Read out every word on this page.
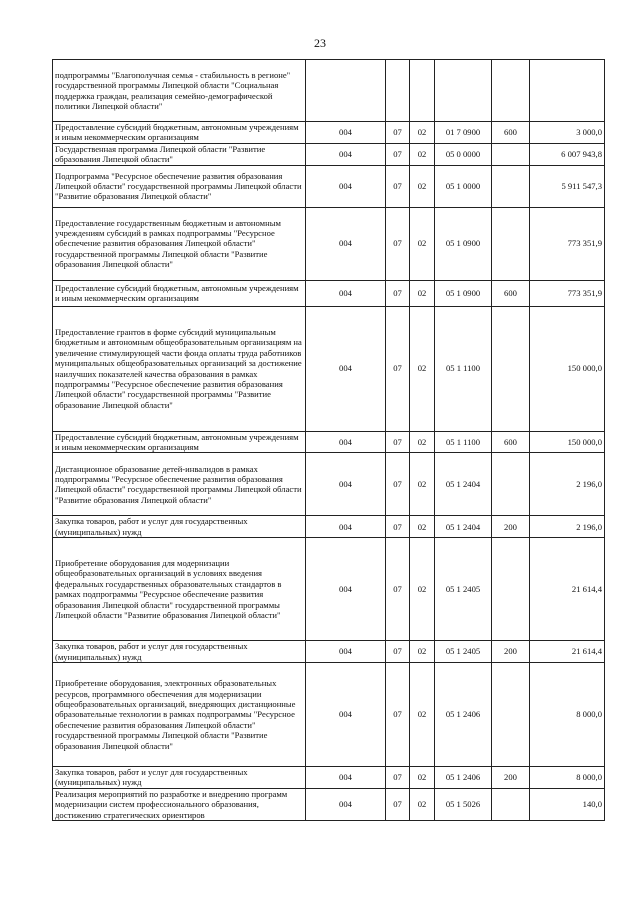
23
подпрограммы "Благополучная семья - стабильность в регионе" государственной программы Липецкой области "Социальная поддержка граждан, реализация семейно-демографической политики Липецкой области"						
Предоставление субсидий бюджетным, автономным учреждениям и иным некоммерческим организациям	004	07	02	01 7 0900	600	3 000,0
Государственная программа Липецкой области "Развитие образования Липецкой области"	004	07	02	05 0 0000		6 007 943,8
Подпрограмма "Ресурсное обеспечение развития образования Липецкой области" государственной программы Липецкой области "Развитие образования Липецкой области"	004	07	02	05 1 0000		5 911 547,3
Предоставление государственным бюджетным и автономным учреждениям субсидий в рамках подпрограммы "Ресурсное обеспечение развития образования Липецкой области" государственной программы Липецкой области "Развитие образования Липецкой области"	004	07	02	05 1 0900		773 351,9
Предоставление субсидий бюджетным, автономным учреждениям и иным некоммерческим организациям	004	07	02	05 1 0900	600	773 351,9
Предоставление грантов в форме субсидий муниципальным бюджетным и автономным общеобразовательным организациям на увеличение стимулирующей части фонда оплаты труда работников муниципальных общеобразовательных организаций за достижение наилучших показателей качества образования в рамках подпрограммы "Ресурсное обеспечение развития образования Липецкой области" государственной программы "Развитие образование Липецкой области"	004	07	02	05 1 1100		150 000,0
Предоставление субсидий бюджетным, автономным учреждениям и иным некоммерческим организациям	004	07	02	05 1 1100	600	150 000,0
Дистанционное образование детей-инвалидов в рамках подпрограммы "Ресурсное обеспечение развития образования Липецкой области" государственной программы Липецкой области "Развитие образования Липецкой области"	004	07	02	05 1 2404		2 196,0
Закупка товаров, работ и услуг для государственных (муниципальных) нужд	004	07	02	05 1 2404	200	2 196,0
Приобретение оборудования для модернизации общеобразовательных организаций в условиях введения федеральных государственных образовательных стандартов в рамках подпрограммы "Ресурсное обеспечение развития образования Липецкой области" государственной программы Липецкой области "Развитие образования Липецкой области"	004	07	02	05 1 2405		21 614,4
Закупка товаров, работ и услуг для государственных (муниципальных) нужд	004	07	02	05 1 2405	200	21 614,4
Приобретение оборудования, электронных образовательных ресурсов, программного обеспечения для модернизации общеобразовательных организаций, внедряющих дистанционные образовательные технологии в рамках подпрограммы "Ресурсное обеспечение развития образования Липецкой области" государственной программы Липецкой области "Развитие образования Липецкой области"	004	07	02	05 1 2406		8 000,0
Закупка товаров, работ и услуг для государственных (муниципальных) нужд	004	07	02	05 1 2406	200	8 000,0
Реализация мероприятий по разработке и внедрению программ модернизации систем профессионального образования, достижению стратегических ориентиров	004	07	02	05 1 5026		140,0
